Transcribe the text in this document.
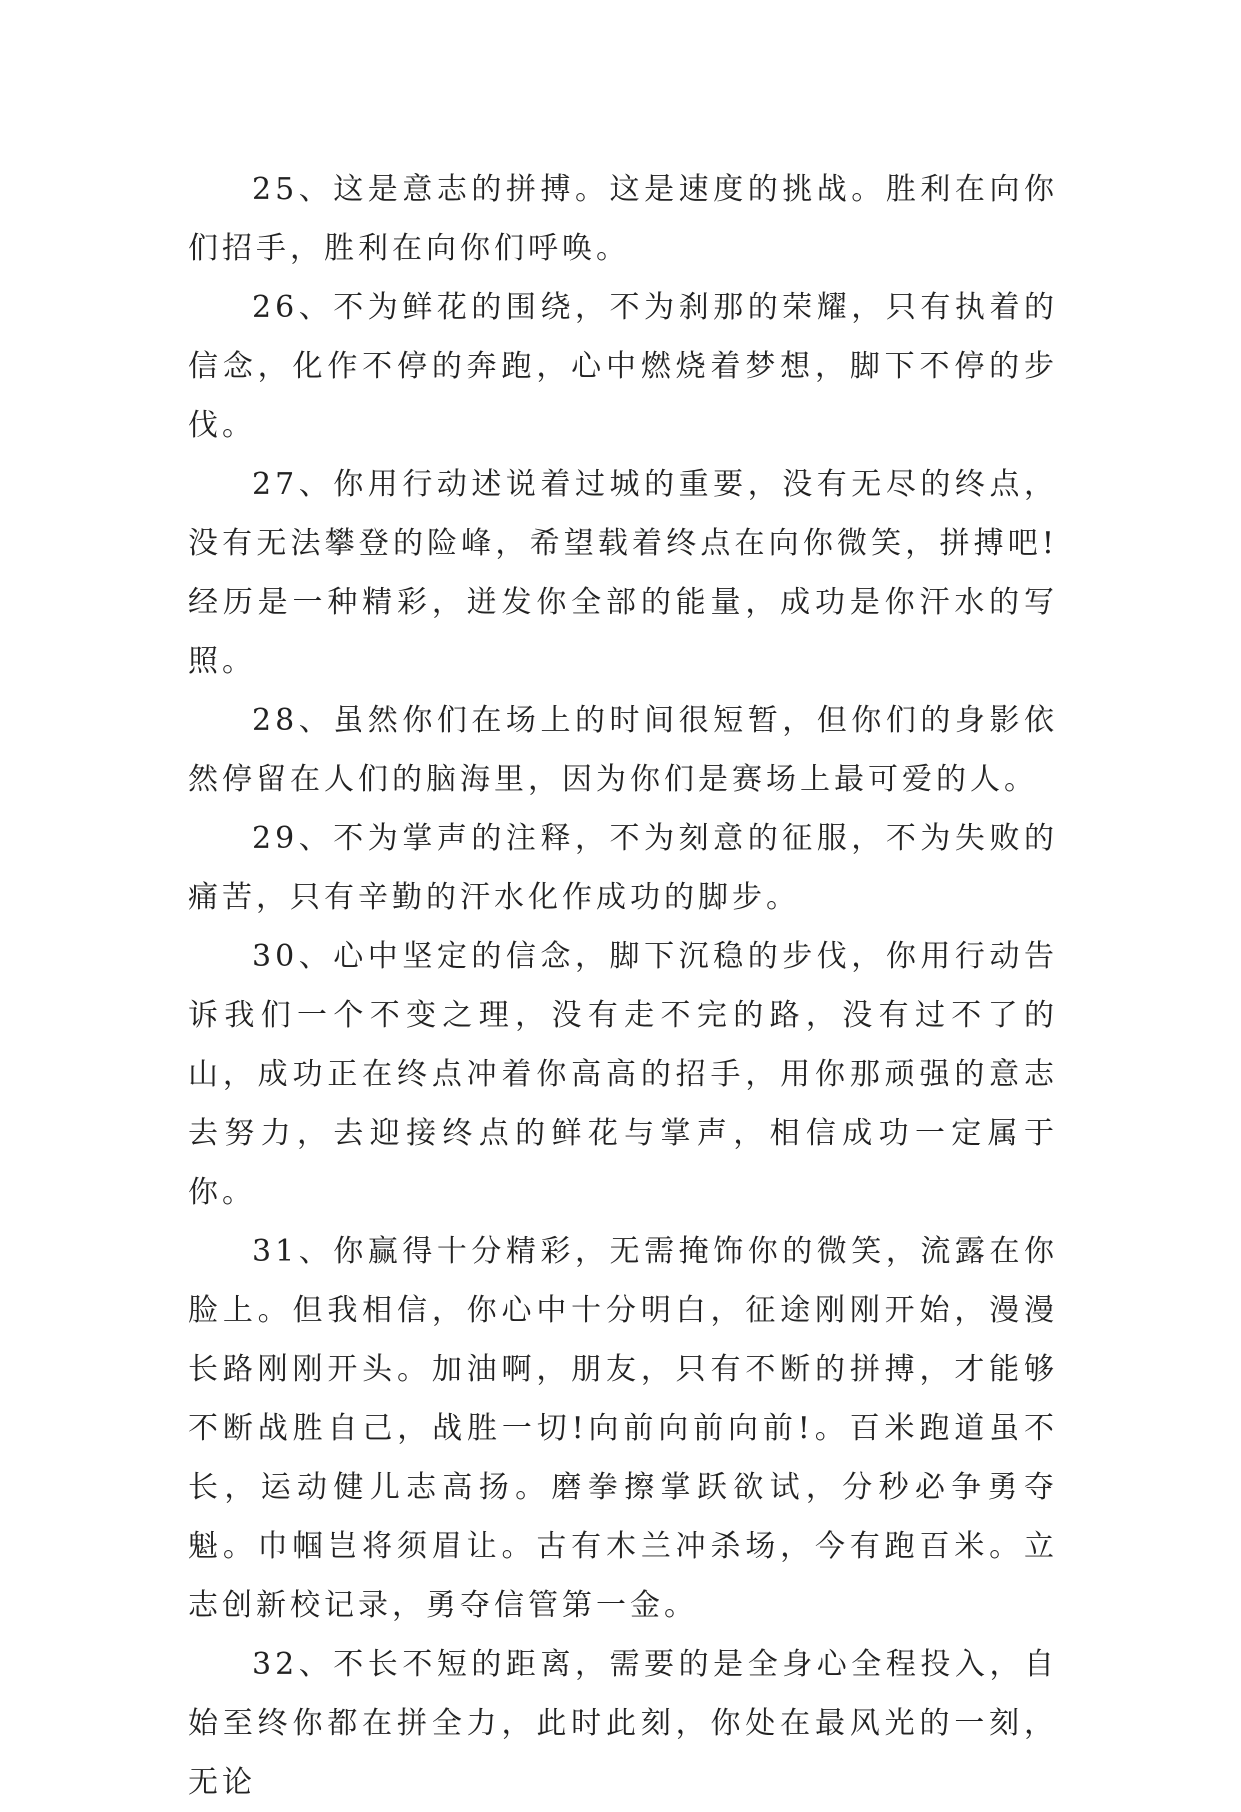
25、这是意志的拼搏。这是速度的挑战。胜利在向你们招手，胜利在向你们呼唤。

26、不为鲜花的围绕，不为刹那的荣耀，只有执着的信念，化作不停的奔跑，心中燃烧着梦想，脚下不停的步伐。

27、你用行动述说着过城的重要，没有无尽的终点，没有无法攀登的险峰，希望载着终点在向你微笑，拼搏吧!经历是一种精彩，迸发你全部的能量，成功是你汗水的写照。

28、虽然你们在场上的时间很短暂，但你们的身影依然停留在人们的脑海里，因为你们是赛场上最可爱的人。

29、不为掌声的注释，不为刻意的征服，不为失败的痛苦，只有辛勤的汗水化作成功的脚步。

30、心中坚定的信念，脚下沉稳的步伐，你用行动告诉我们一个不变之理，没有走不完的路，没有过不了的山，成功正在终点冲着你高高的招手，用你那顽强的意志去努力，去迎接终点的鲜花与掌声，相信成功一定属于你。

31、你赢得十分精彩，无需掩饰你的微笑，流露在你脸上。但我相信，你心中十分明白，征途刚刚开始，漫漫长路刚刚开头。加油啊，朋友，只有不断的拼搏，才能够不断战胜自己，战胜一切!向前向前向前!。百米跑道虽不长，运动健儿志高扬。磨拳擦掌跃欲试，分秒必争勇夺魁。巾帼岂将须眉让。古有木兰冲杀场，今有跑百米。立志创新校记录，勇夺信管第一金。

32、不长不短的距离，需要的是全身心全程投入，自始至终你都在拼全力，此时此刻，你处在最风光的一刻，无论
